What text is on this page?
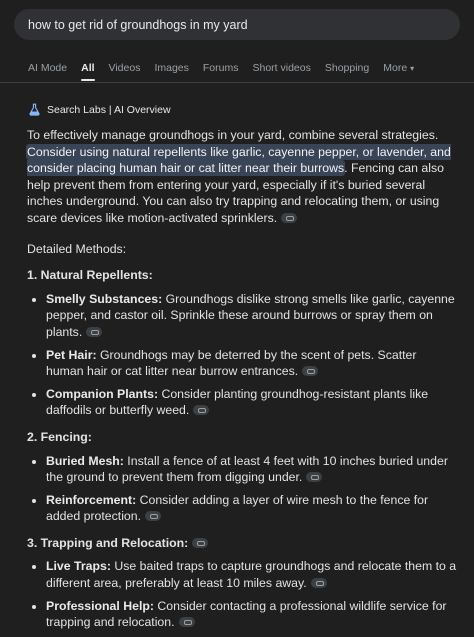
how to get rid of groundhogs in my yard
AI Mode All Videos Images Forums Short videos Shopping More ▾
Search Labs | AI Overview

To effectively manage groundhogs in your yard, combine several strategies. Consider using natural repellents like garlic, cayenne pepper, or lavender, and consider placing human hair or cat litter near their burrows. Fencing can also help prevent them from entering your yard, especially if it's buried several inches underground. You can also try trapping and relocating them, or using scare devices like motion-activated sprinklers.

Detailed Methods:
1. Natural Repellents:
• Smelly Substances: Groundhogs dislike strong smells like garlic, cayenne pepper, and castor oil. Sprinkle these around burrows or spray them on plants.
• Pet Hair: Groundhogs may be deterred by the scent of pets. Scatter human hair or cat litter near burrow entrances.
• Companion Plants: Consider planting groundhog-resistant plants like daffodils or butterfly weed.
2. Fencing:
• Buried Mesh: Install a fence of at least 4 feet with 10 inches buried under the ground to prevent them from digging under.
• Reinforcement: Consider adding a layer of wire mesh to the fence for added protection.
3. Trapping and Relocation:
• Live Traps: Use baited traps to capture groundhogs and relocate them to a different area, preferably at least 10 miles away.
• Professional Help: Consider contacting a professional wildlife service for trapping and relocation.
